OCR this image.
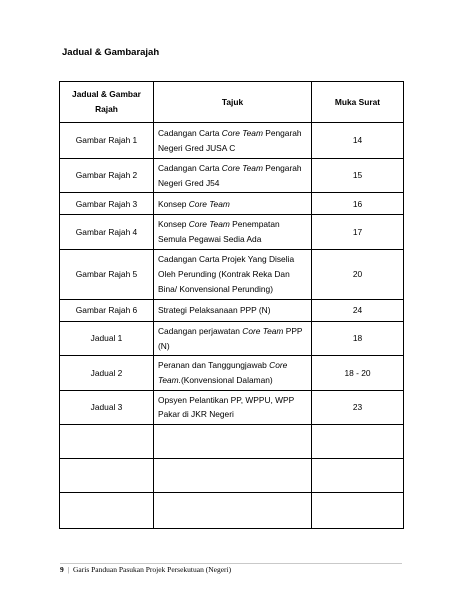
Jadual & Gambarajah
Jadual & Gambar Rajah	Tajuk	Muka Surat
Gambar Rajah 1	Cadangan Carta Core Team Pengarah Negeri Gred JUSA C	14
Gambar Rajah 2	Cadangan Carta Core Team Pengarah Negeri Gred J54	15
Gambar Rajah 3	Konsep Core Team	16
Gambar Rajah 4	Konsep Core Team Penempatan Semula Pegawai Sedia Ada	17
Gambar Rajah 5	Cadangan Carta Projek Yang Diselia Oleh Perunding (Kontrak Reka Dan Bina/ Konvensional Perunding)	20
Gambar Rajah 6	Strategi Pelaksanaan PPP (N)	24
Jadual 1	Cadangan perjawatan Core Team PPP (N)	18
Jadual 2	Peranan dan Tanggungjawab Core Team.(Konvensional Dalaman)	18 - 20
Jadual 3	Opsyen Pelantikan PP, WPPU, WPP Pakar di JKR Negeri	23

9 | Garis Panduan Pasukan Projek Persekutuan (Negeri)
